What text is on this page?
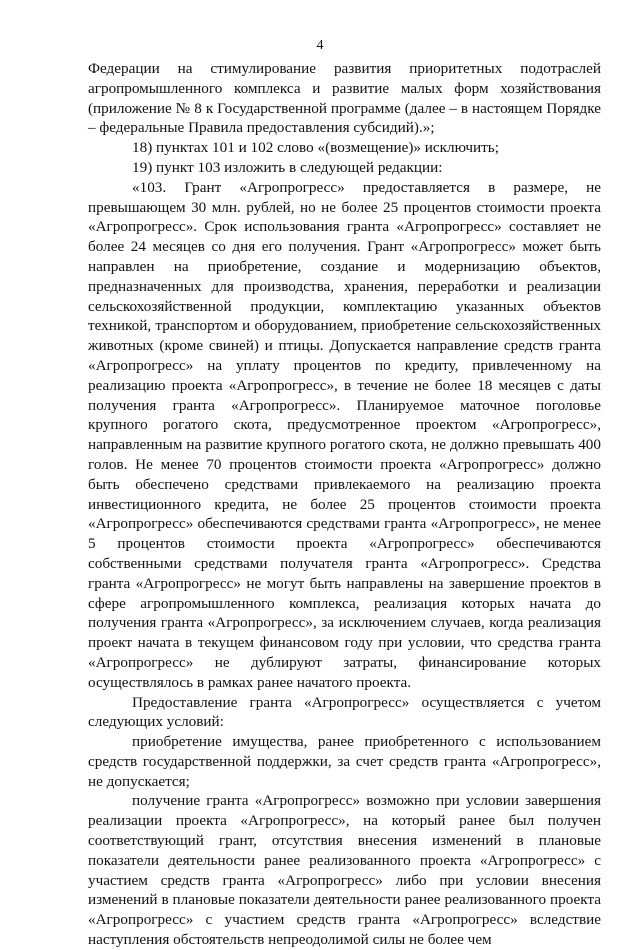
4

Федерации на стимулирование развития приоритетных подотраслей агропромышленного комплекса и развитие малых форм хозяйствования (приложение № 8 к Государственной программе (далее – в настоящем Порядке – федеральные Правила предоставления субсидий).»;

18) пунктах 101 и 102 слово «(возмещение)» исключить;

19) пункт 103 изложить в следующей редакции:

«103. Грант «Агропрогресс» предоставляется в размере, не превышающем 30 млн. рублей, но не более 25 процентов стоимости проекта «Агропрогресс». Срок использования гранта «Агропрогресс» составляет не более 24 месяцев со дня его получения. Грант «Агропрогресс» может быть направлен на приобретение, создание и модернизацию объектов, предназначенных для производства, хранения, переработки и реализации сельскохозяйственной продукции, комплектацию указанных объектов техникой, транспортом и оборудованием, приобретение сельскохозяйственных животных (кроме свиней) и птицы. Допускается направление средств гранта «Агропрогресс» на уплату процентов по кредиту, привлеченному на реализацию проекта «Агропрогресс», в течение не более 18 месяцев с даты получения гранта «Агропрогресс». Планируемое маточное поголовье крупного рогатого скота, предусмотренное проектом «Агропрогресс», направленным на развитие крупного рогатого скота, не должно превышать 400 голов. Не менее 70 процентов стоимости проекта «Агропрогресс» должно быть обеспечено средствами привлекаемого на реализацию проекта инвестиционного кредита, не более 25 процентов стоимости проекта «Агропрогресс» обеспечиваются средствами гранта «Агропрогресс», не менее 5 процентов стоимости проекта «Агропрогресс» обеспечиваются собственными средствами получателя гранта «Агропрогресс». Средства гранта «Агропрогресс» не могут быть направлены на завершение проектов в сфере агропромышленного комплекса, реализация которых начата до получения гранта «Агропрогресс», за исключением случаев, когда реализация проект начата в текущем финансовом году при условии, что средства гранта «Агропрогресс» не дублируют затраты, финансирование которых осуществлялось в рамках ранее начатого проекта.

Предоставление гранта «Агропрогресс» осуществляется с учетом следующих условий:

приобретение имущества, ранее приобретенного с использованием средств государственной поддержки, за счет средств гранта «Агропрогресс», не допускается;

получение гранта «Агропрогресс» возможно при условии завершения реализации проекта «Агропрогресс», на который ранее был получен соответствующий грант, отсутствия внесения изменений в плановые показатели деятельности ранее реализованного проекта «Агропрогресс» с участием средств гранта «Агропрогресс» либо при условии внесения изменений в плановые показатели деятельности ранее реализованного проекта «Агропрогресс» с участием средств гранта «Агропрогресс» вследствие наступления обстоятельств непреодолимой силы не более чем
